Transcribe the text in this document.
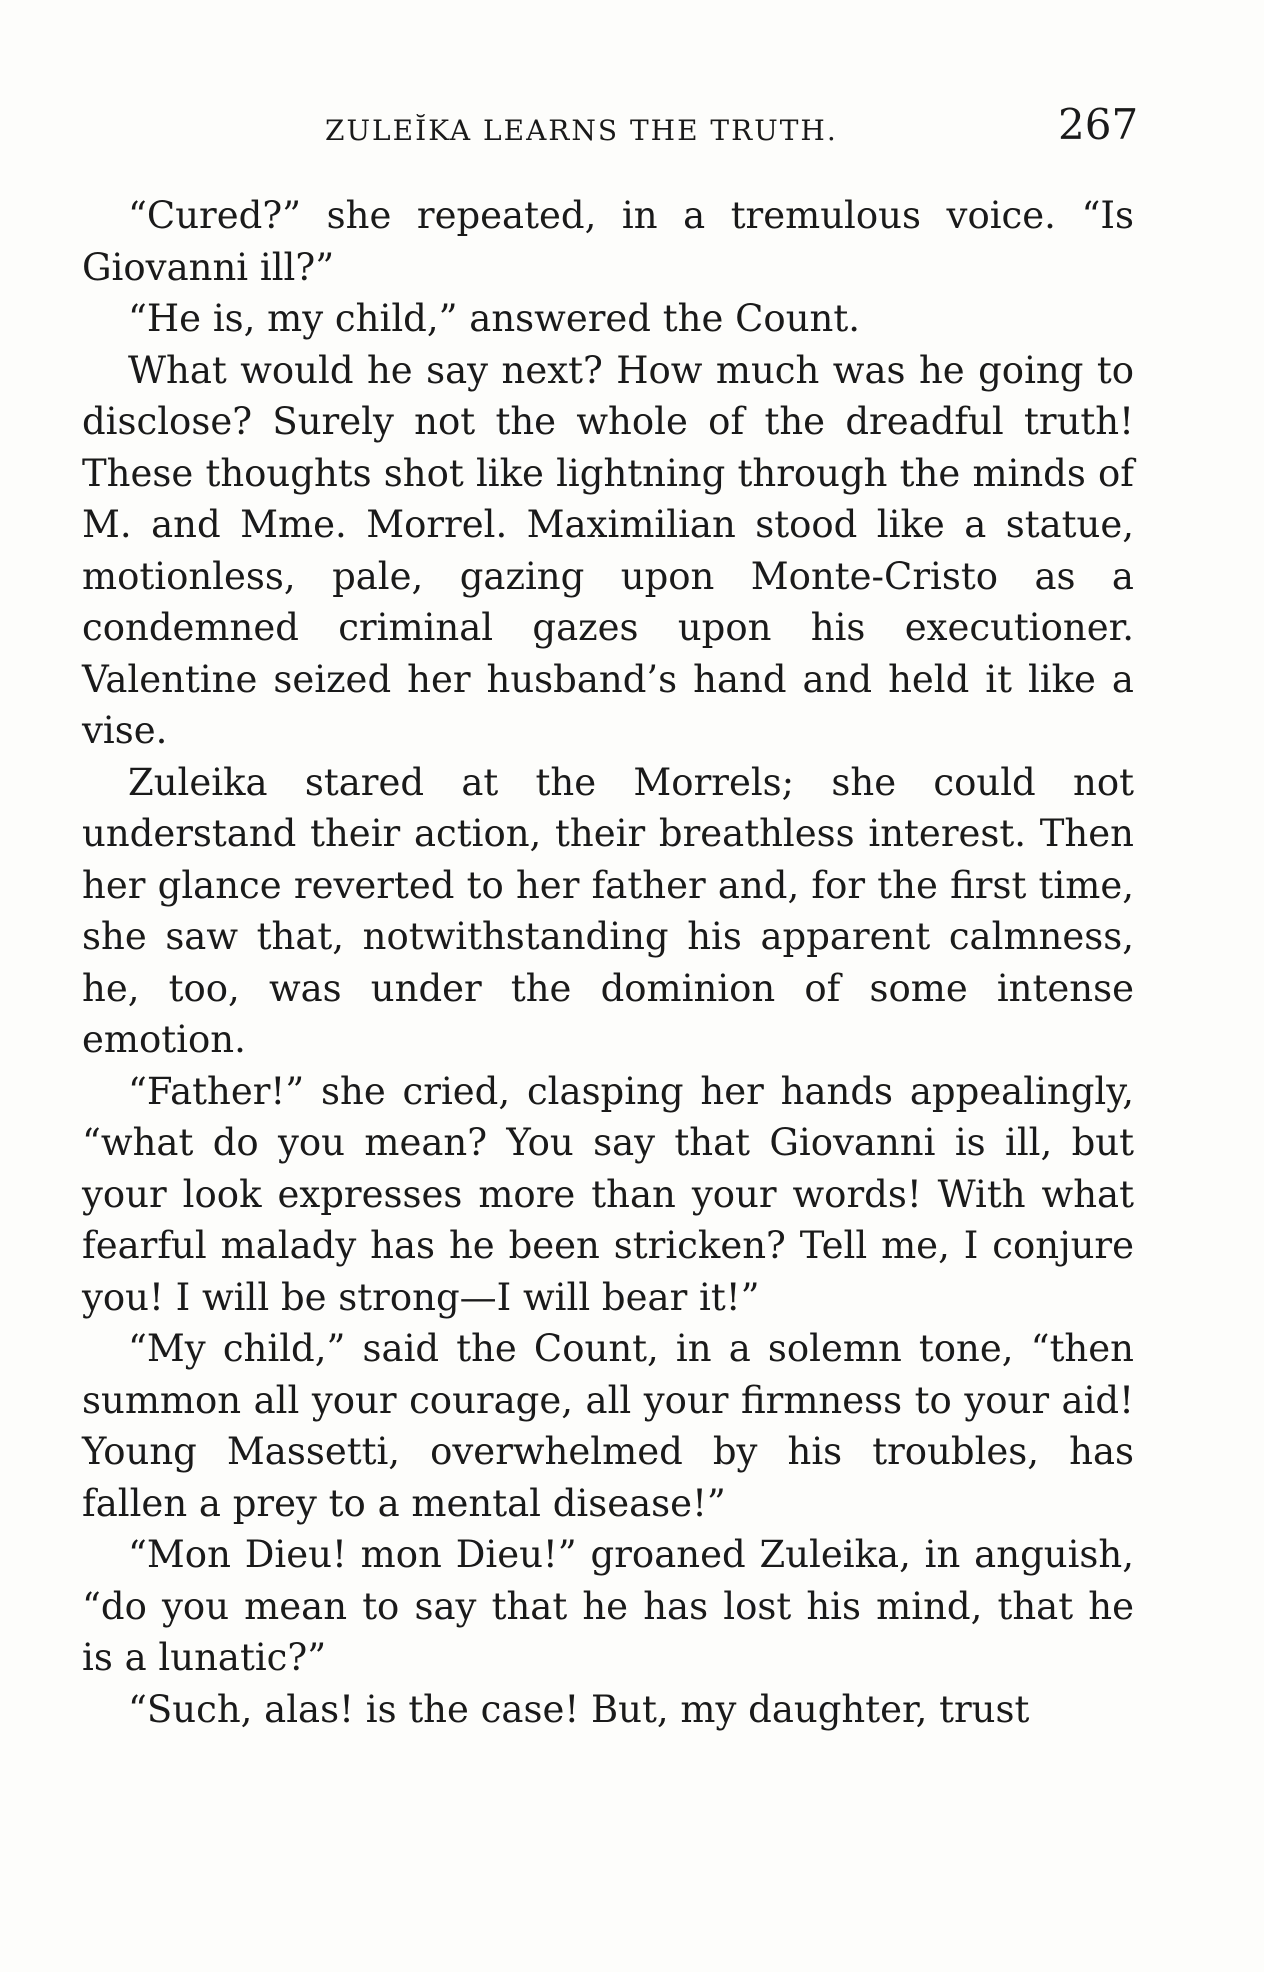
ZULEĬKA LEARNS THE TRUTH.	267

“Cured?” she repeated, in a tremulous voice. “Is Giovanni ill?”

“He is, my child,” answered the Count.

What would he say next? How much was he going to disclose? Surely not the whole of the dreadful truth! These thoughts shot like lightning through the minds of M. and Mme. Morrel. Maximilian stood like a statue, motionless, pale, gazing upon Monte-Cristo as a condemned criminal gazes upon his executioner. Valentine seized her husband’s hand and held it like a vise.

Zuleika stared at the Morrels; she could not understand their action, their breathless interest. Then her glance reverted to her father and, for the first time, she saw that, notwithstanding his apparent calmness, he, too, was under the dominion of some intense emotion.

“Father!” she cried, clasping her hands appealingly, “what do you mean? You say that Giovanni is ill, but your look expresses more than your words! With what fearful malady has he been stricken? Tell me, I conjure you! I will be strong—I will bear it!”

“My child,” said the Count, in a solemn tone, “then summon all your courage, all your firmness to your aid! Young Massetti, overwhelmed by his troubles, has fallen a prey to a mental disease!”

“Mon Dieu! mon Dieu!” groaned Zuleika, in anguish, “do you mean to say that he has lost his mind, that he is a lunatic?”

“Such, alas! is the case! But, my daughter, trust
